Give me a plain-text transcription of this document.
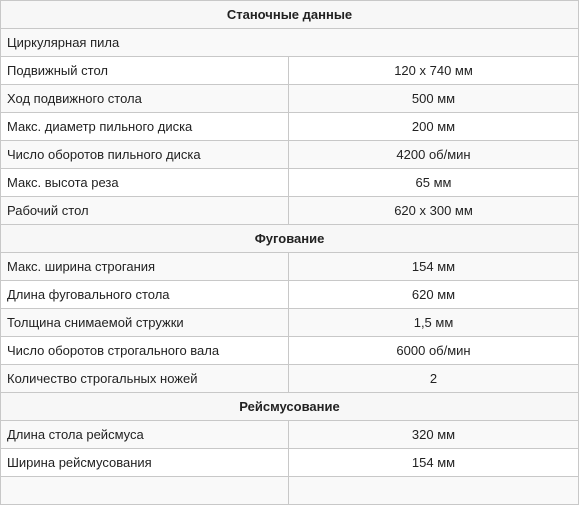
Станочные данные	
Циркулярная пила	
Подвижный стол	120 x 740 мм
Ход подвижного стола	500 мм
Макс. диаметр пильного диска	200 мм
Число оборотов пильного диска	4200 об/мин
Макс. высота реза	65 мм
Рабочий стол	620 x 300 мм
Фугование	
Макс. ширина строгания	154 мм
Длина фуговального стола	620 мм
Толщина снимаемой стружки	1,5 мм
Число оборотов строгального вала	6000 об/мин
Количество строгальных ножей	2
Рейсмусование	
Длина стола рейсмуса	320 мм
Ширина рейсмусования	154 мм
